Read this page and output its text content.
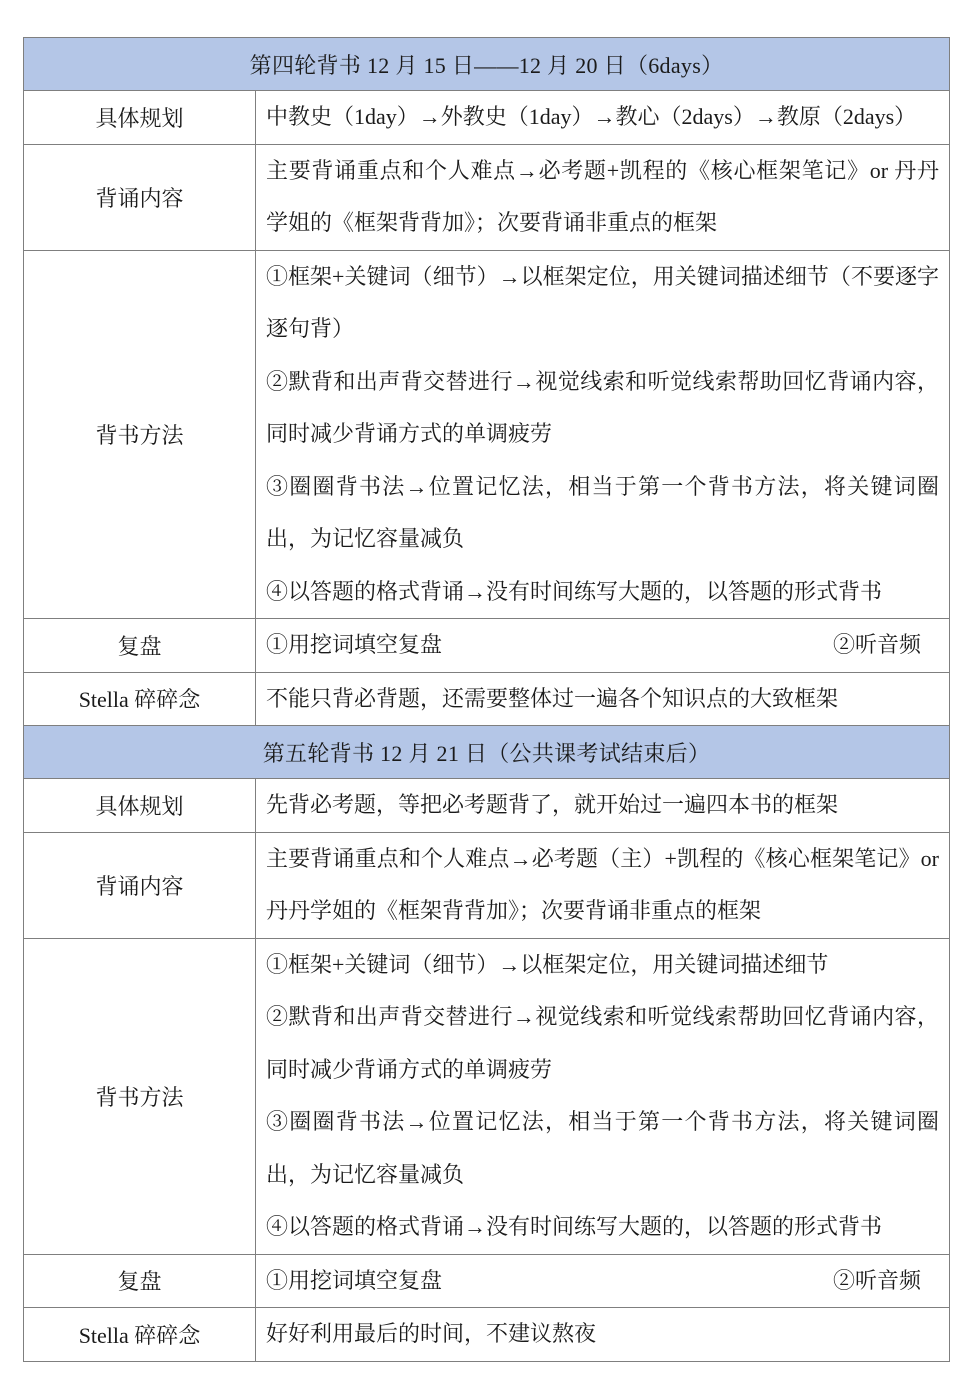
第四轮背书 12 月 15 日——12 月 20 日（6days）	
具体规划	中教史（1day）→外教史（1day）→教心（2days）→教原（2days）
背诵内容	主要背诵重点和个人难点→必考题+凯程的《核心框架笔记》or 丹丹学姐的《框架背背加》；次要背诵非重点的框架

背书方法	①框架+关键词（细节）→以框架定位，用关键词描述细节（不要逐字逐句背）
②默背和出声背交替进行→视觉线索和听觉线索帮助回忆背诵内容，同时减少背诵方式的单调疲劳
③圈圈背书法→位置记忆法，相当于第一个背书方法，将关键词圈出，为记忆容量减负
④以答题的格式背诵→没有时间练写大题的，以答题的形式背书

复盘	①用挖词填空复盘 ②听音频

Stella 碎碎念	不能只背必背题，还需要整体过一遍各个知识点的大致框架
第五轮背书 12 月 21 日（公共课考试结束后）	
具体规划	先背必考题，等把必考题背了，就开始过一遍四本书的框架
背诵内容	主要背诵重点和个人难点→必考题（主）+凯程的《核心框架笔记》or 丹丹学姐的《框架背背加》；次要背诵非重点的框架

背书方法	①框架+关键词（细节）→以框架定位，用关键词描述细节
②默背和出声背交替进行→视觉线索和听觉线索帮助回忆背诵内容，同时减少背诵方式的单调疲劳
③圈圈背书法→位置记忆法，相当于第一个背书方法，将关键词圈出，为记忆容量减负
④以答题的格式背诵→没有时间练写大题的，以答题的形式背书

复盘	①用挖词填空复盘 ②听音频

Stella 碎碎念	好好利用最后的时间，不建议熬夜
